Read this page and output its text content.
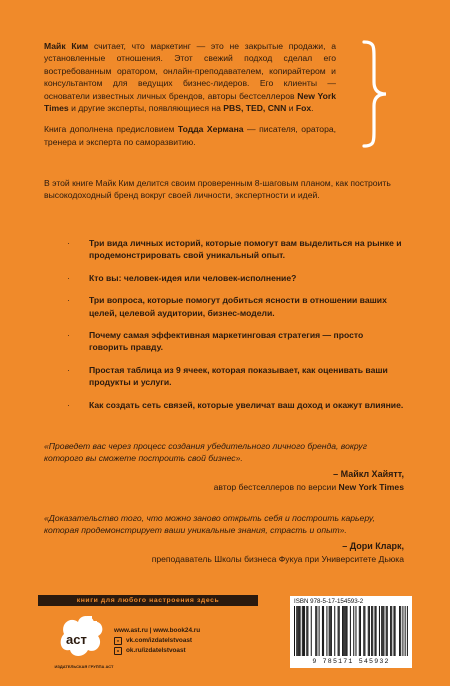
Майк Ким считает, что маркетинг — это не закрытые продажи, а установленные отношения. Этот свежий подход сделал его востребованным оратором, онлайн-преподавателем, копирайтером и консультантом для ведущих бизнес-лидеров. Его клиенты — основатели известных личных брендов, авторы бестселлеров New York Times и другие эксперты, появляющиеся на PBS, TED, CNN и Fox.

Книга дополнена предисловием Тодда Хермана — писателя, оратора, тренера и эксперта по саморазвитию.

В этой книге Майк Ким делится своим проверенным 8-шаговым планом, как построить высокодоходный бренд вокруг своей личности, экспертности и идей.
· Три вида личных историй, которые помогут вам выделиться на рынке и продемонстрировать свой уникальный опыт.
· Кто вы: человек-идея или человек-исполнение?
· Три вопроса, которые помогут добиться ясности в отношении ваших целей, целевой аудитории, бизнес-модели.
· Почему самая эффективная маркетинговая стратегия — просто говорить правду.
· Простая таблица из 9 ячеек, которая показывает, как оценивать ваши продукты и услуги.
· Как создать сеть связей, которые увеличат ваш доход и окажут влияние.

«Проведет вас через процесс создания убедительного личного бренда, вокруг которого вы сможете построить свой бизнес».

– Майкл Хайятт,

автор бестселлеров по версии New York Times

«Доказательство того, что можно заново открыть себя и построить карьеру, которая продемонстрирует ваши уникальные знания, страсть и опыт».

– Дори Кларк,

преподаватель Школы бизнеса Фукуа при Университете Дьюка

книги для любого настроения здесь
аст
ИЗДАТЕЛЬСКАЯ ГРУППА АСТ
www.ast.ru | www.book24.ru
v	vk.com/izdatelstvoast
o	ok.ru/izdatelstvoast
ISBN 978-5-17-154593-2
9 785171 545932
